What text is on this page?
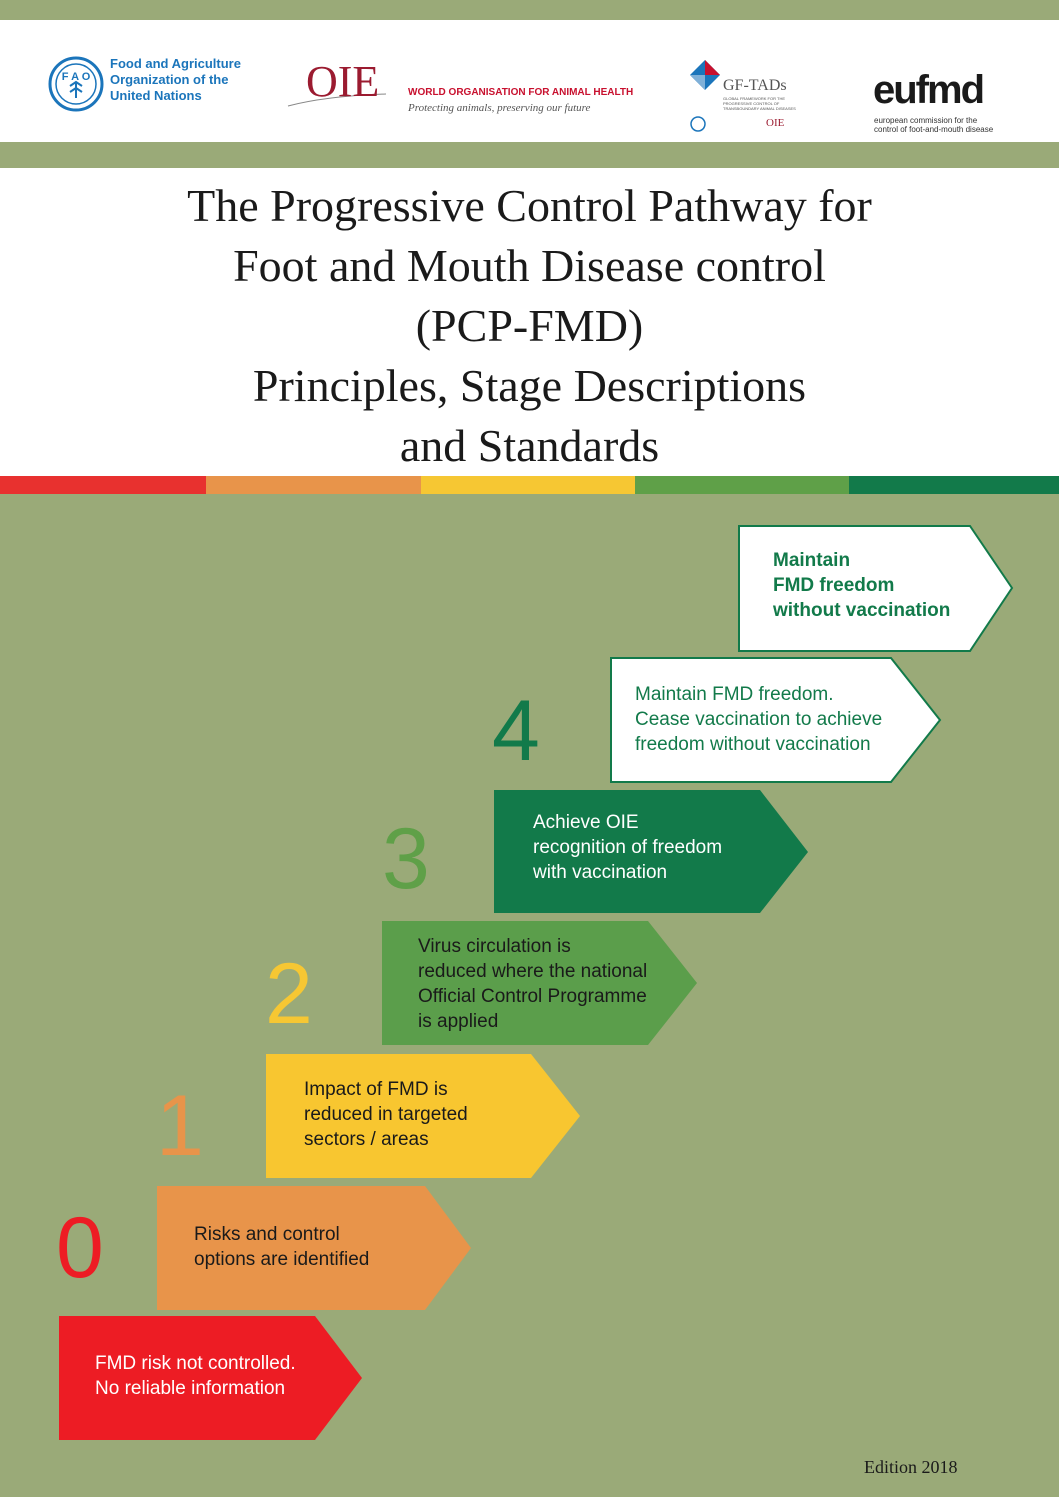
F A O
Food and Agriculture
Organization of the
United Nations	OIE	WORLD ORGANISATION FOR ANIMAL HEALTH
Protecting animals, preserving our future
GF-TADs
GLOBAL FRAMEWORK FOR THE PROGRESSIVE CONTROL OF TRANSBOUNDARY ANIMAL DISEASES
OIE
eufmd
european commission for the
control of foot-and-mouth disease
The Progressive Control Pathway for
Foot and Mouth Disease control
(PCP-FMD)
Principles, Stage Descriptions
and Standards
0
1
2
3
4
FMD risk not controlled.
No reliable information
Risks and control
options are identified
Impact of FMD is
reduced in targeted
sectors / areas
Virus circulation is
reduced where the national
Official Control Programme
is applied
Achieve OIE
recognition of freedom
with vaccination
Maintain FMD freedom.
Cease vaccination to achieve
freedom without vaccination
Maintain
FMD freedom
without vaccination
Edition 2018
